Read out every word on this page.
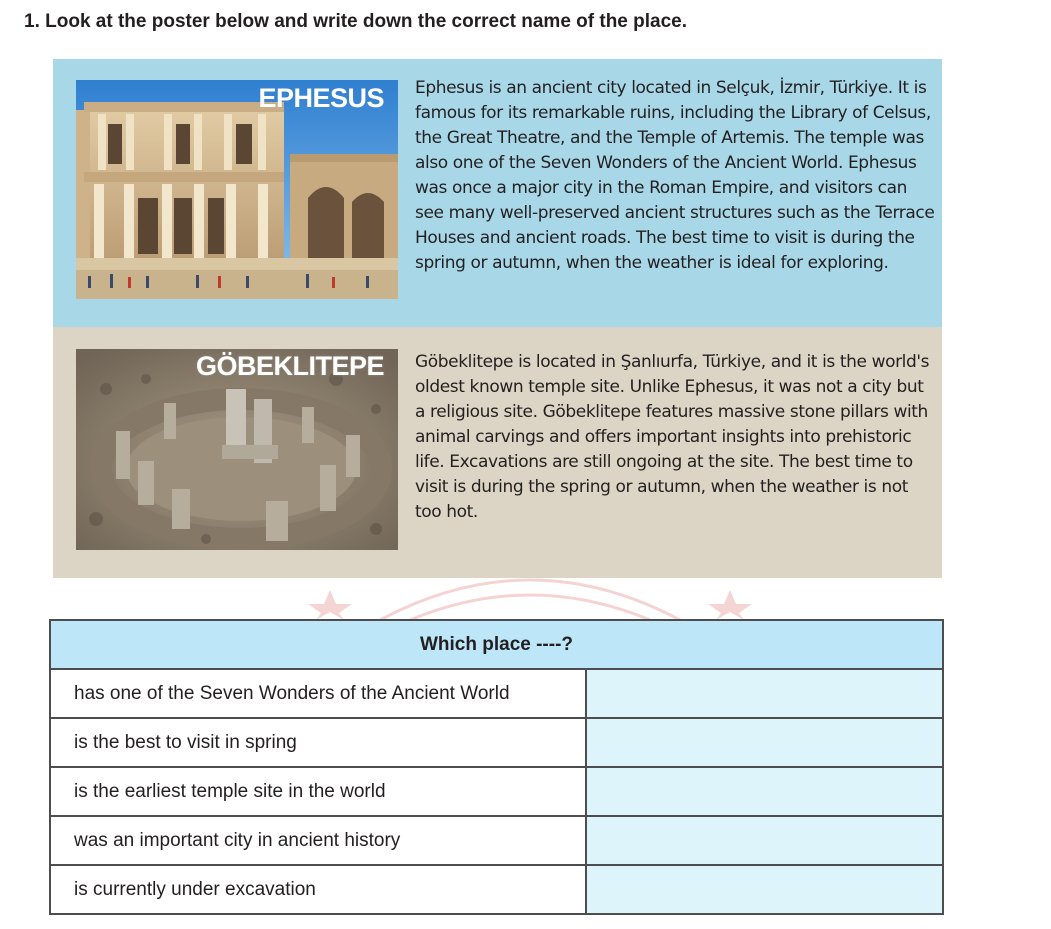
1. Look at the poster below and write down the correct name of the place.
EPHESUS Ephesus is an ancient city located in Selçuk, İzmir, Türkiye. It is famous for its remarkable ruins, including the Library of Celsus, the Great Theatre, and the Temple of Artemis. The temple was also one of the Seven Wonders of the Ancient World. Ephesus was once a major city in the Roman Empire, and visitors can see many well-preserved ancient structures such as the Terrace Houses and ancient roads. The best time to visit is during the spring or autumn, when the weather is ideal for exploring.

GÖBEKLITEPE Göbeklitepe is located in Şanlıurfa, Türkiye, and it is the world's oldest known temple site. Unlike Ephesus, it was not a city but a religious site. Göbeklitepe features massive stone pillars with animal carvings and offers important insights into prehistoric life. Excavations are still ongoing at the site. The best time to visit is during the spring or autumn, when the weather is not too hot.

Which place ----?	
has one of the Seven Wonders of the Ancient World	
is the best to visit in spring	
is the earliest temple site in the world	
was an important city in ancient history	
is currently under excavation	
